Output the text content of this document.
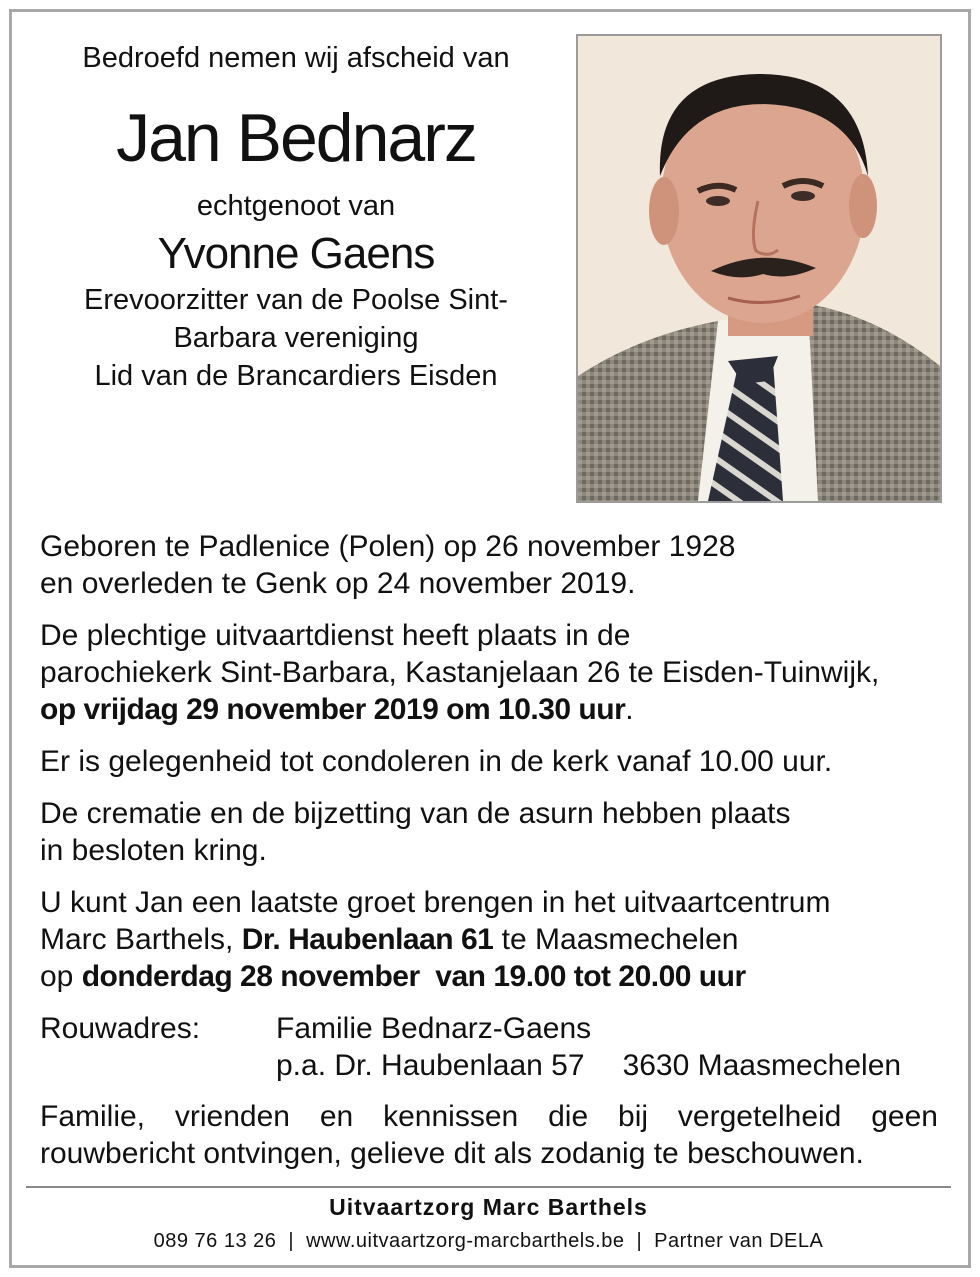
Bedroefd nemen wij afscheid van
Jan Bednarz
echtgenoot van
Yvonne Gaens
Erevoorzitter van de Poolse Sint-
Barbara vereniging
Lid van de Brancardiers Eisden

Geboren te Padlenice (Polen) op 26 november 1928
en overleden te Genk op 24 november 2019.

De plechtige uitvaartdienst heeft plaats in de
parochiekerk Sint-Barbara, Kastanjelaan 26 te Eisden-Tuinwijk,
op vrijdag 29 november 2019 om 10.30 uur.

Er is gelegenheid tot condoleren in de kerk vanaf 10.00 uur.

De crematie en de bijzetting van de asurn hebben plaats
in besloten kring.

U kunt Jan een laatste groet brengen in het uitvaartcentrum
Marc Barthels, Dr. Haubenlaan 61 te Maasmechelen
op donderdag 28 november  van 19.00 tot 20.00 uur

Rouwadres:	Familie Bednarz-Gaens
p.a. Dr. Haubenlaan 57 3630 Maasmechelen

Familie, vrienden en kennissen die bij vergetelheid geen rouwbericht ontvingen, gelieve dit als zodanig te beschouwen.

Uitvaartzorg Marc Barthels
089 76 13 26 | www.uitvaartzorg-marcbarthels.be | Partner van DELA
